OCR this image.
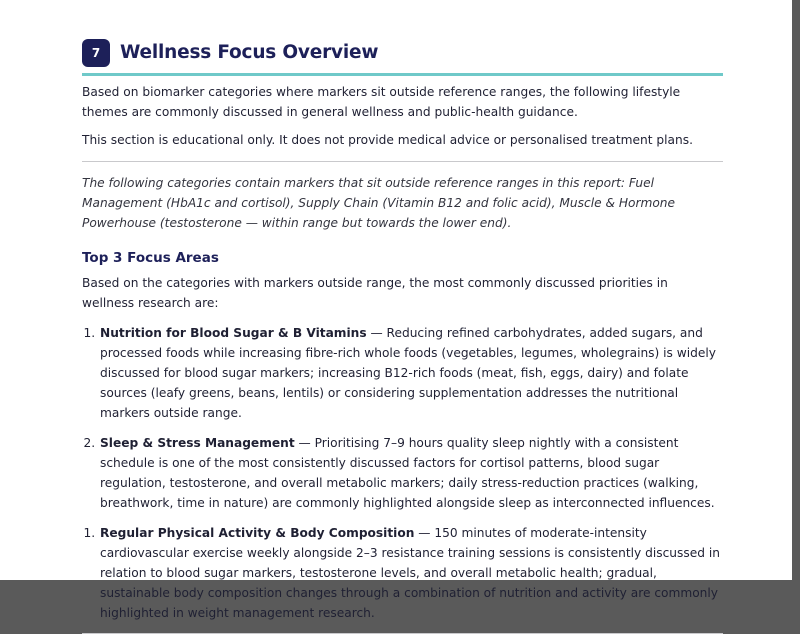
7	Wellness Focus Overview

Based on biomarker categories where markers sit outside reference ranges, the following lifestyle themes are commonly discussed in general wellness and public-health guidance.

This section is educational only. It does not provide medical advice or personalised treatment plans.

The following categories contain markers that sit outside reference ranges in this report: Fuel Management (HbA1c and cortisol), Supply Chain (Vitamin B12 and folic acid), Muscle & Hormone Powerhouse (testosterone — within range but towards the lower end).

Top 3 Focus Areas

Based on the categories with markers outside range, the most commonly discussed priorities in wellness research are:

1. Nutrition for Blood Sugar & B Vitamins — Reducing refined carbohydrates, added sugars, and processed foods while increasing fibre-rich whole foods (vegetables, legumes, wholegrains) is widely discussed for blood sugar markers; increasing B12-rich foods (meat, fish, eggs, dairy) and folate sources (leafy greens, beans, lentils) or considering supplementation addresses the nutritional markers outside range.
2. Sleep & Stress Management — Prioritising 7–9 hours quality sleep nightly with a consistent schedule is one of the most consistently discussed factors for cortisol patterns, blood sugar regulation, testosterone, and overall metabolic markers; daily stress-reduction practices (walking, breathwork, time in nature) are commonly highlighted alongside sleep as interconnected influences.
1. Regular Physical Activity & Body Composition — 150 minutes of moderate-intensity cardiovascular exercise weekly alongside 2–3 resistance training sessions is consistently discussed in relation to blood sugar markers, testosterone levels, and overall metabolic health; gradual, sustainable body composition changes through a combination of nutrition and activity are commonly highlighted in weight management research.
